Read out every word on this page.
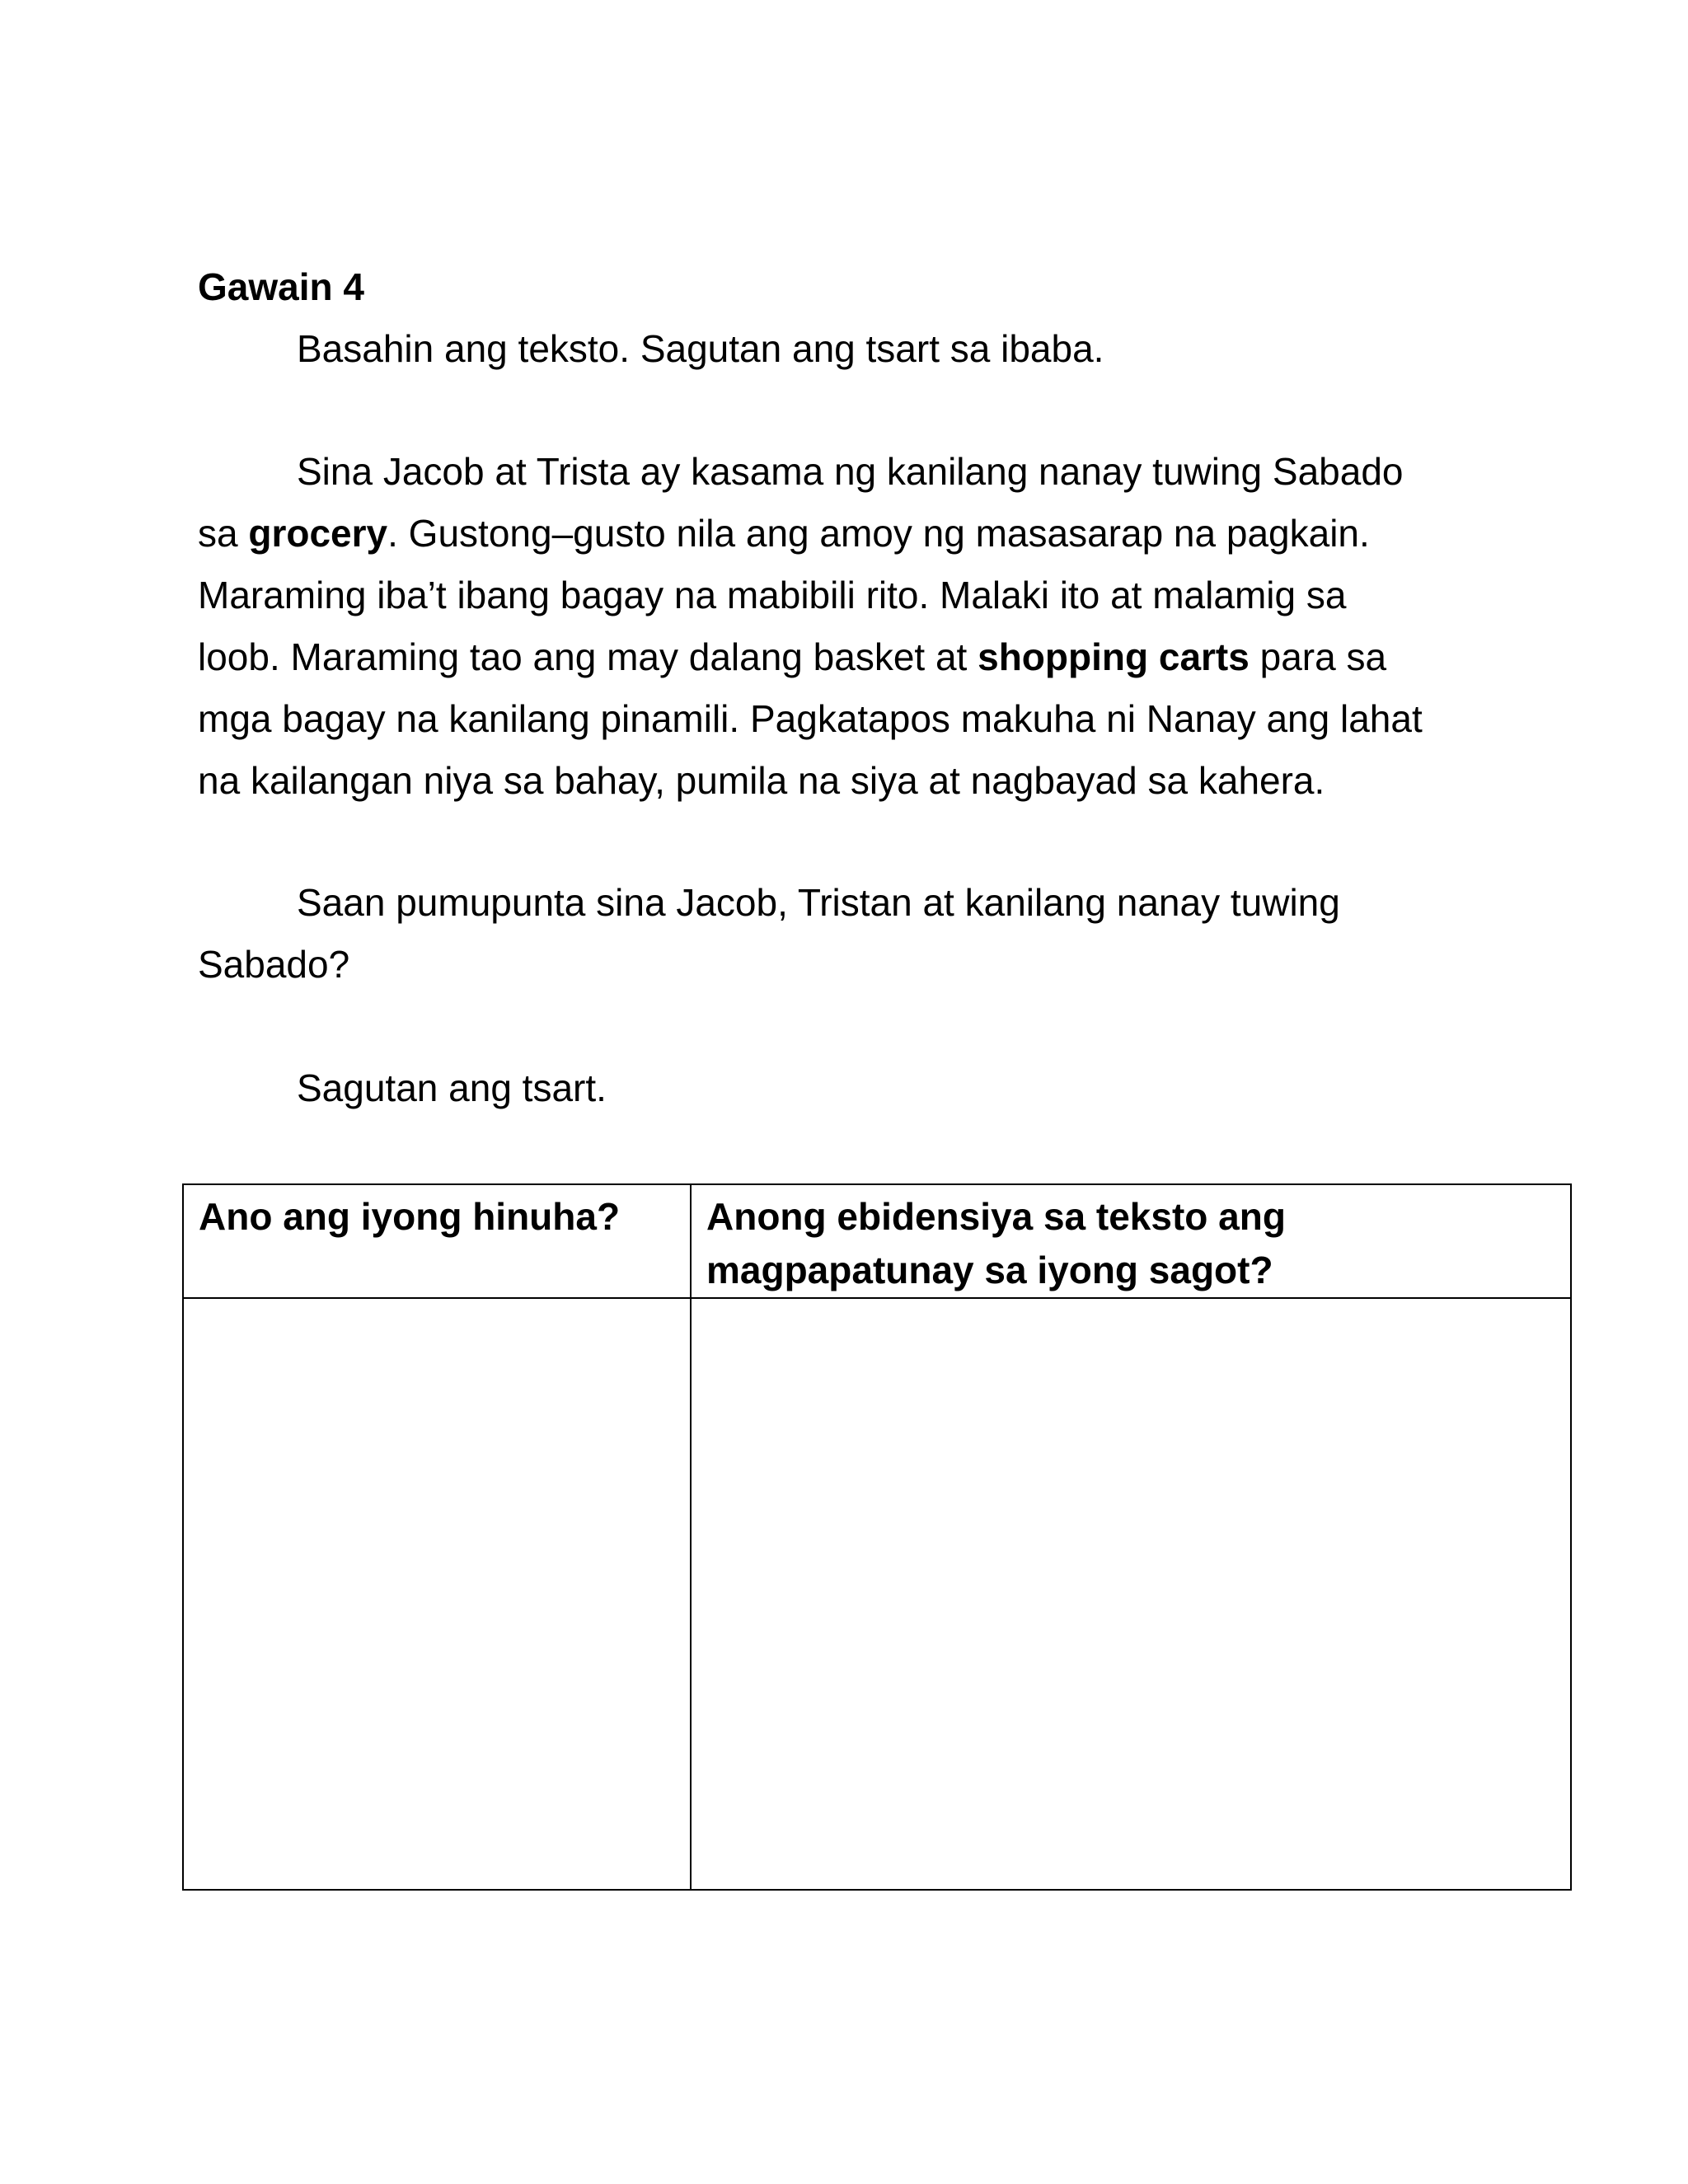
Gawain 4

Basahin ang teksto. Sagutan ang tsart sa ibaba.

Sina Jacob at Trista ay kasama ng kanilang nanay tuwing Sabado
sa grocery. Gustong–gusto nila ang amoy ng masasarap na pagkain.
Maraming iba’t ibang bagay na mabibili rito. Malaki ito at malamig sa
loob. Maraming tao ang may dalang basket at shopping carts para sa
mga bagay na kanilang pinamili. Pagkatapos makuha ni Nanay ang lahat
na kailangan niya sa bahay, pumila na siya at nagbayad sa kahera.
Saan pumupunta sina Jacob, Tristan at kanilang nanay tuwing
Sabado?

Sagutan ang tsart.

Ano ang iyong hinuha?	Anong ebidensiya sa teksto ang magpapatunay sa iyong sagot?
